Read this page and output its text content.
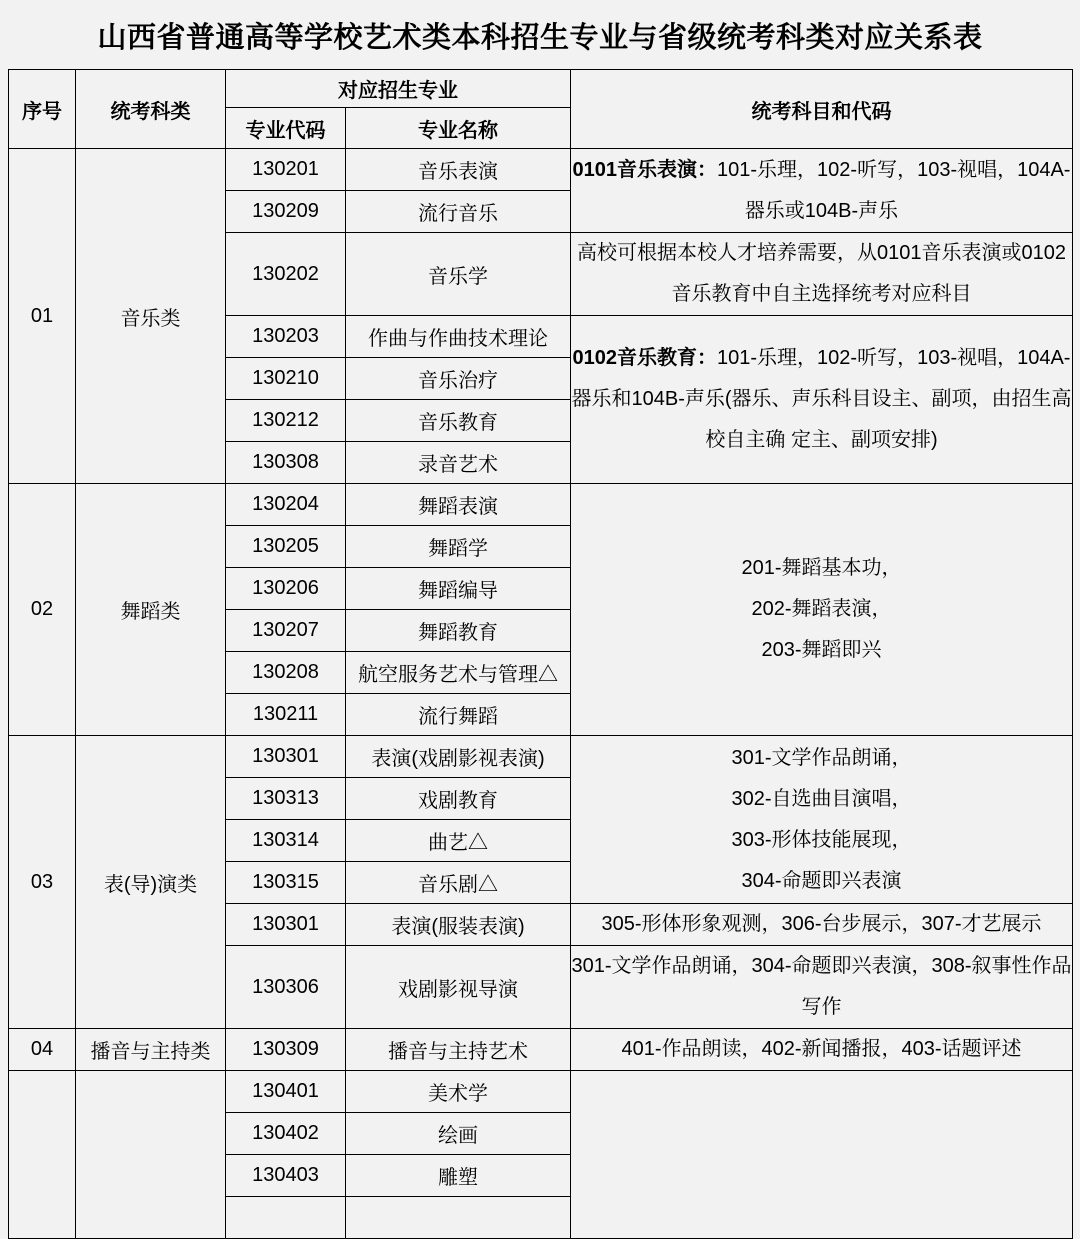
山西省普通高等学校艺术类本科招生专业与省级统考科类对应关系表
序号	统考科类	对应招生专业		统考科目和代码
		专业代码	专业名称	
01	音乐类	130201	音乐表演	0101音乐表演：101-乐理，102-听写，103-视唱，104A-器乐或104B-声乐
		130209	流行音乐	
		130202	音乐学	高校可根据本校人才培养需要，从0101音乐表演或0102音乐教育中自主选择统考对应科目
		130203	作曲与作曲技术理论	0102音乐教育：101-乐理，102-听写，103-视唱，104A-器乐和104B-声乐(器乐、声乐科目设主、副项，由招生高校自主确 定主、副项安排)
		130210	音乐治疗	
		130212	音乐教育	
		130308	录音艺术	
02	舞蹈类	130204	舞蹈表演	201-舞蹈基本功，
202-舞蹈表演，
203-舞蹈即兴

		130205	舞蹈学	
		130206	舞蹈编导	
		130207	舞蹈教育	
		130208	航空服务艺术与管理△	
		130211	流行舞蹈	
03	表(导)演类	130301	表演(戏剧影视表演)	301-文学作品朗诵，
302-自选曲目演唱，
303-形体技能展现，
304-命题即兴表演

		130313	戏剧教育	
		130314	曲艺△	
		130315	音乐剧△	
		130301	表演(服装表演)	305-形体形象观测，306-台步展示，307-才艺展示
		130306	戏剧影视导演	301-文学作品朗诵，304-命题即兴表演，308-叙事性作品写作
04	播音与主持类	130309	播音与主持艺术	401-作品朗读，402-新闻播报，403-话题评述
		130401	美术学	
		130402	绘画	
		130403	雕塑	
